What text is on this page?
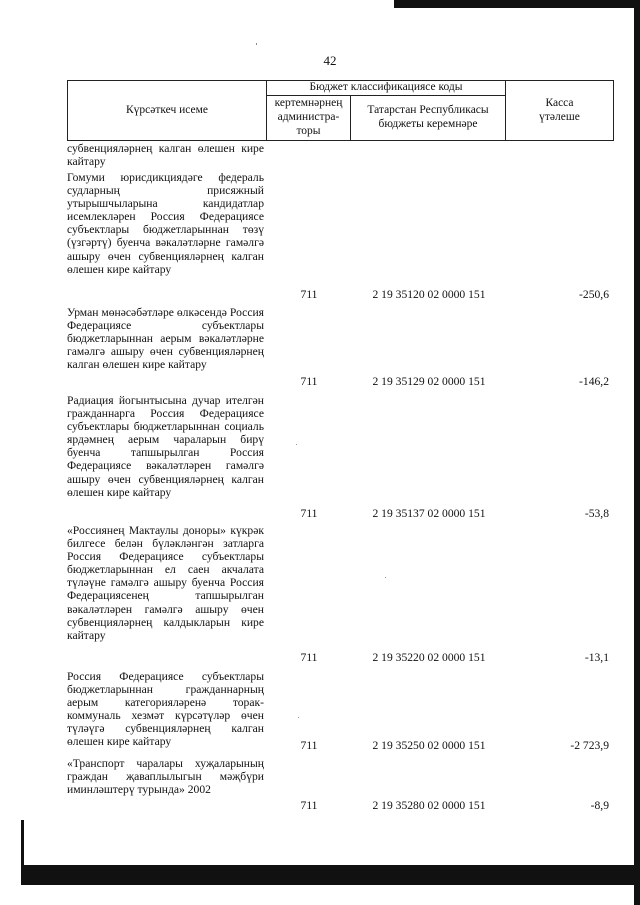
42
Күрсәткеч исеме
Бюджет классификациясе коды
кертемнәрнең администра-торы
Татарстан Республикасы бюджеты керемнәре
Касса үтәлеше
субвенцияләрнең калган өлешен кире кайтару
Гомуми юрисдикциядәге федераль судларның присяжный утырышчыларына кандидатлар исемлекләрен Россия Федерациясе субъектлары бюджетларыннан төзү (үзгәртү) буенча вәкаләтләрне гамәлгә ашыру өчен субвенцияләрнең калган өлешен кире кайтару
711	2 19 35120 02 0000 151	-250,6
Урман мөнәсәбәтләре өлкәсендә Россия Федерациясе субъектлары бюджетларыннан аерым вәкаләтләрне гамәлгә ашыру өчен субвенцияләрнең калган өлешен кире кайтару
711	2 19 35129 02 0000 151	-146,2
Радиация йогынтысына дучар ителгән гражданнарга Россия Федерациясе субъектлары бюджетларыннан социаль ярдәмнең аерым чараларын бирү буенча тапшырылган Россия Федерациясе вәкаләтләрен гамәлгә ашыру өчен субвенцияләрнең калган өлешен кире кайтару
711	2 19 35137 02 0000 151	-53,8
«Россиянең Мактаулы доноры» күкрәк билгесе белән бүләкләнгән затларга Россия Федерациясе субъектлары бюджетларыннан ел саен акчалата түләүне гамәлгә ашыру буенча Россия Федерациясенең тапшырылган вәкаләтләрен гамәлгә ашыру өчен субвенцияләрнең калдыкларын кире кайтару
711	2 19 35220 02 0000 151	-13,1
Россия Федерациясе субъектлары бюджетларыннан гражданнарның аерым категорияләренә торак-коммуналь хезмәт күрсәтүләр өчен түләүгә субвенцияләрнең калган өлешен кире кайтару	711	2 19 35250 02 0000 151	-2 723,9
«Транспорт чаралары хуҗаларының граждан җаваплылыгын мәҗбүри иминләштерү турында» 2002
711	2 19 35280 02 0000 151	-8,9
